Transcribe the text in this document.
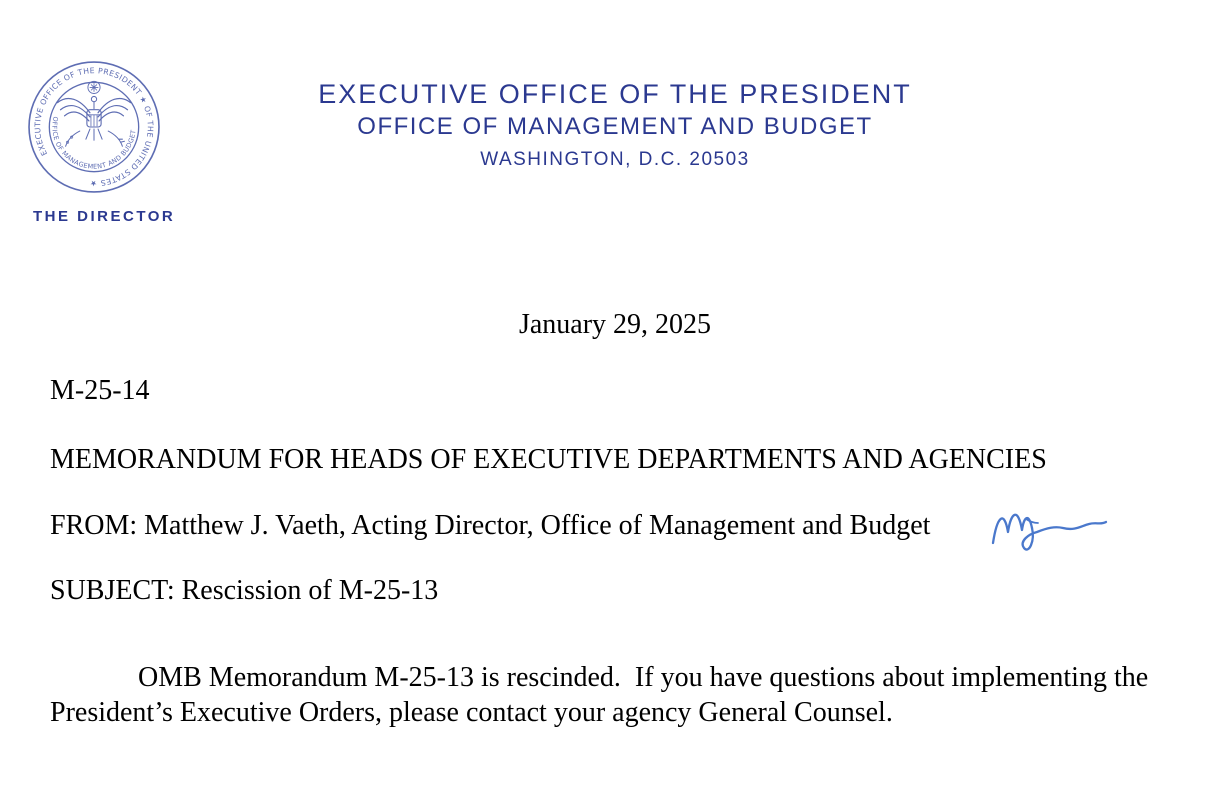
EXECUTIVE OFFICE OF THE PRESIDENT ★ OF THE UNITED STATES ★
OFFICE OF MANAGEMENT AND BUDGET
THE DIRECTOR
EXECUTIVE OFFICE OF THE PRESIDENT
OFFICE OF MANAGEMENT AND BUDGET
WASHINGTON, D.C. 20503
January 29, 2025
M-25-14
MEMORANDUM FOR HEADS OF EXECUTIVE DEPARTMENTS AND AGENCIES
FROM: Matthew J. Vaeth, Acting Director, Office of Management and Budget
SUBJECT: Rescission of M-25-13
OMB Memorandum M-25-13 is rescinded.  If you have questions about implementing the President’s Executive Orders, please contact your agency General Counsel.
